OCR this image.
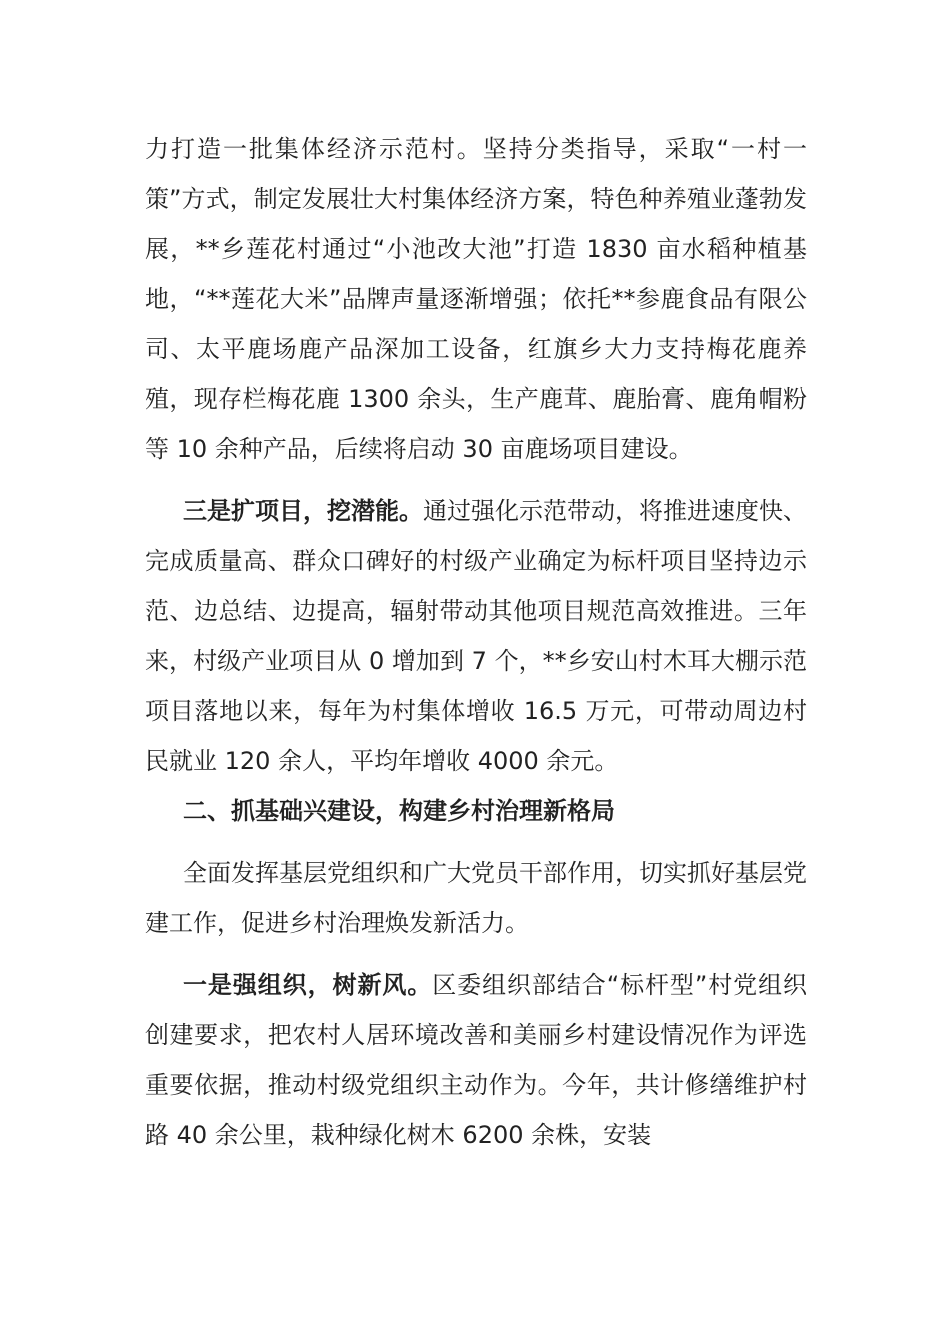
力打造一批集体经济示范村。坚持分类指导，采取“一村一策”方式，制定发展壮大村集体经济方案，特色种养殖业蓬勃发展，**乡莲花村通过“小池改大池”打造 1830 亩水稻种植基地，“**莲花大米”品牌声量逐渐增强；依托**参鹿食品有限公司、太平鹿场鹿产品深加工设备，红旗乡大力支持梅花鹿养殖，现存栏梅花鹿 1300 余头，生产鹿茸、鹿胎膏、鹿角帽粉等 10 余种产品，后续将启动 30 亩鹿场项目建设。

三是扩项目，挖潜能。通过强化示范带动，将推进速度快、完成质量高、群众口碑好的村级产业确定为标杆项目坚持边示范、边总结、边提高，辐射带动其他项目规范高效推进。三年来，村级产业项目从 0 增加到 7 个，**乡安山村木耳大棚示范项目落地以来，每年为村集体增收 16.5 万元，可带动周边村民就业 120 余人，平均年增收 4000 余元。

二、抓基础兴建设，构建乡村治理新格局

全面发挥基层党组织和广大党员干部作用，切实抓好基层党建工作，促进乡村治理焕发新活力。

一是强组织，树新风。区委组织部结合“标杆型”村党组织创建要求，把农村人居环境改善和美丽乡村建设情况作为评选重要依据，推动村级党组织主动作为。今年，共计修缮维护村路 40 余公里，栽种绿化树木 6200 余株，安装
